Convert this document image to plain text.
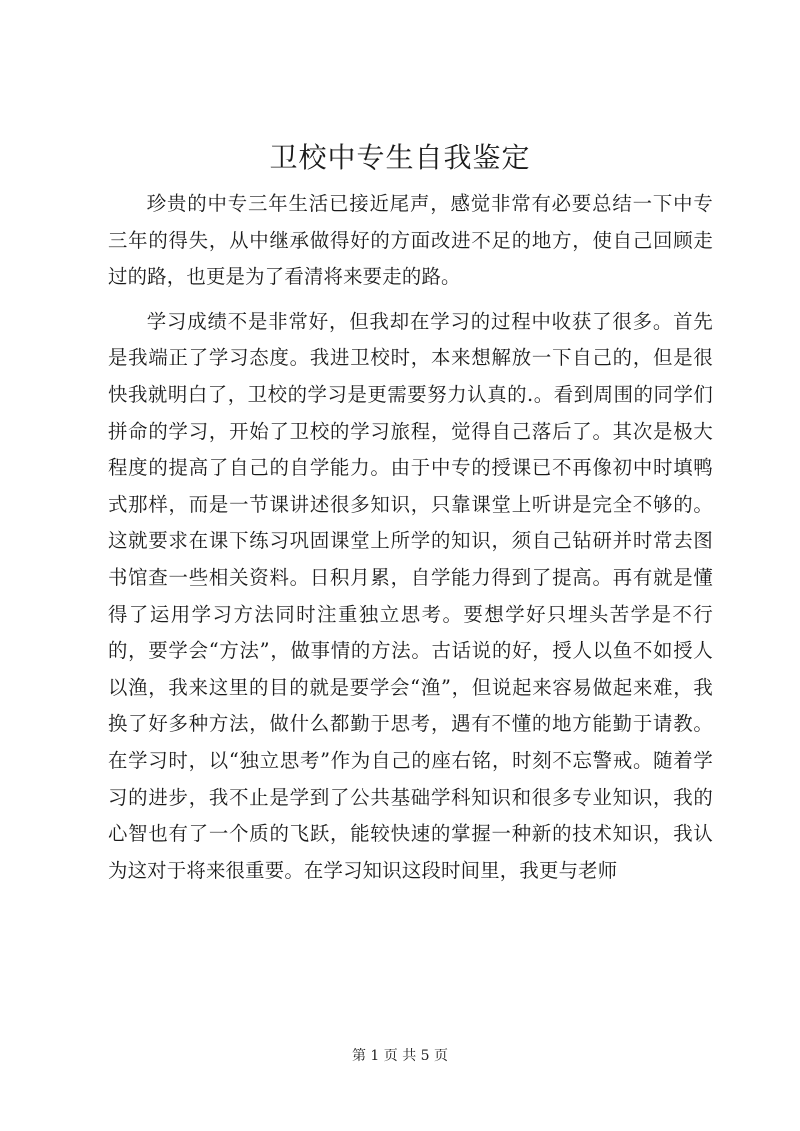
卫校中专生自我鉴定

珍贵的中专三年生活已接近尾声，感觉非常有必要总结一下中专三年的得失，从中继承做得好的方面改进不足的地方，使自己回顾走过的路，也更是为了看清将来要走的路。

学习成绩不是非常好，但我却在学习的过程中收获了很多。首先是我端正了学习态度。我进卫校时，本来想解放一下自己的，但是很快我就明白了，卫校的学习是更需要努力认真的.。看到周围的同学们拼命的学习，开始了卫校的学习旅程，觉得自己落后了。其次是极大程度的提高了自己的自学能力。由于中专的授课已不再像初中时填鸭式那样，而是一节课讲述很多知识，只靠课堂上听讲是完全不够的。这就要求在课下练习巩固课堂上所学的知识，须自己钻研并时常去图书馆查一些相关资料。日积月累，自学能力得到了提高。再有就是懂得了运用学习方法同时注重独立思考。要想学好只埋头苦学是不行的，要学会“方法”，做事情的方法。古话说的好，授人以鱼不如授人以渔，我来这里的目的就是要学会“渔”，但说起来容易做起来难，我换了好多种方法，做什么都勤于思考，遇有不懂的地方能勤于请教。在学习时，以“独立思考”作为自己的座右铭，时刻不忘警戒。随着学习的进步，我不止是学到了公共基础学科知识和很多专业知识，我的心智也有了一个质的飞跃，能较快速的掌握一种新的技术知识，我认为这对于将来很重要。在学习知识这段时间里，我更与老师

第 1 页 共 5 页
